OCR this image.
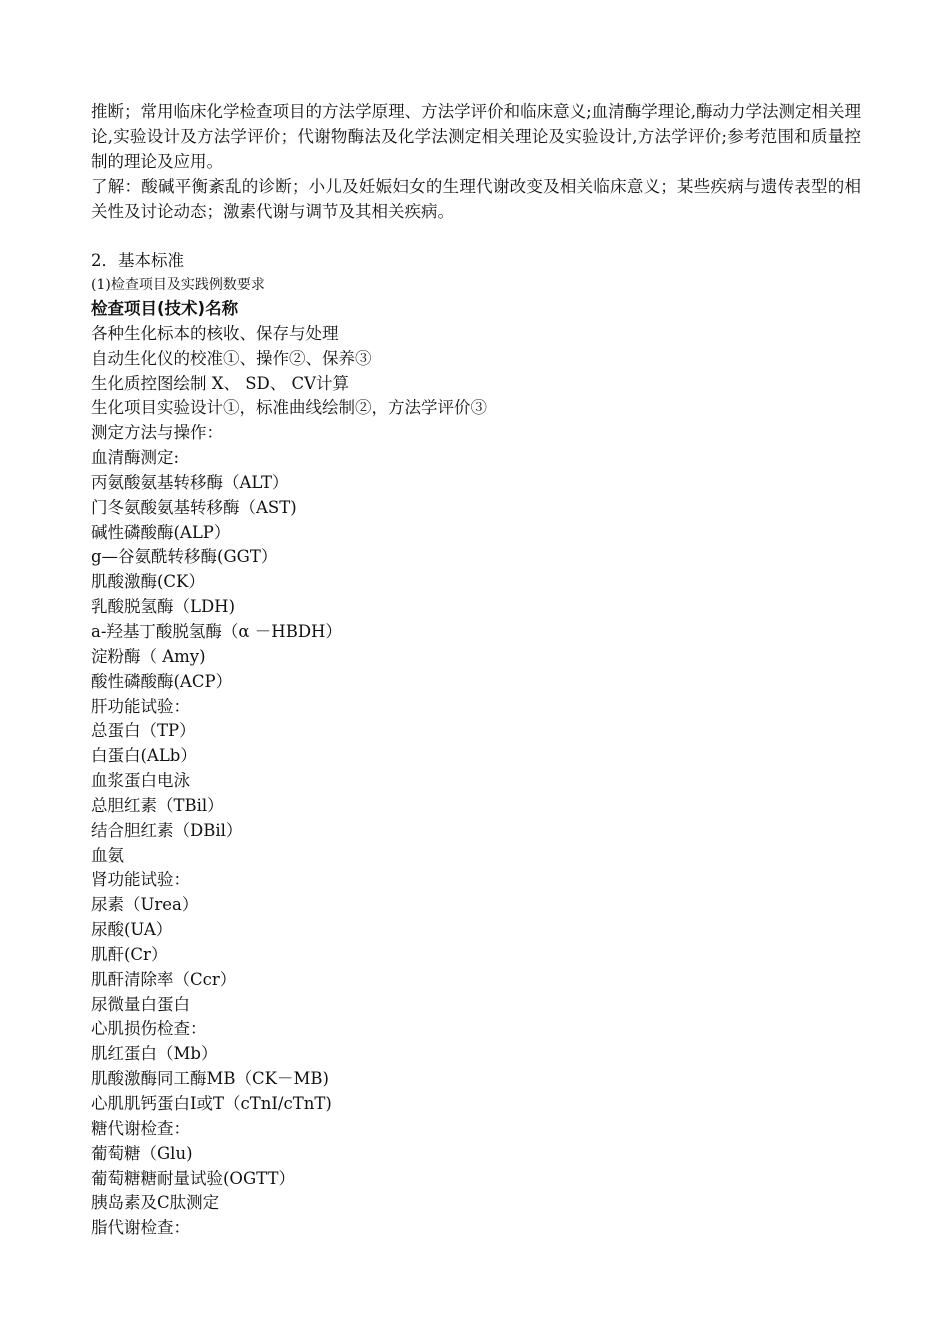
推断；常用临床化学检查项目的方法学原理、方法学评价和临床意义;血清酶学理论,酶动力学法测定相关理论,实验设计及方法学评价；代谢物酶法及化学法测定相关理论及实验设计,方法学评价;参考范围和质量控制的理论及应用。

了解：酸碱平衡紊乱的诊断；小儿及妊娠妇女的生理代谢改变及相关临床意义；某些疾病与遗传表型的相关性及讨论动态；激素代谢与调节及其相关疾病。

2．基本标准

(1)检查项目及实践例数要求

检查项目(技术)名称
各种生化标本的核收、保存与处理
自动生化仪的校准①、操作②、保养③
生化质控图绘制 X、 SD、 CV计算
生化项目实验设计①，标准曲线绘制②，方法学评价③
测定方法与操作：
血清酶测定:
丙氨酸氨基转移酶（ALT）
门冬氨酸氨基转移酶（AST)
碱性磷酸酶(ALP）
g—谷氨酰转移酶(GGT）
肌酸激酶(CK）
乳酸脱氢酶（LDH)
a-羟基丁酸脱氢酶（α －HBDH）
淀粉酶（ Amy)
酸性磷酸酶(ACP）
肝功能试验：
总蛋白（TP）
白蛋白(ALb）
血浆蛋白电泳
总胆红素（TBil）
结合胆红素（DBil）
血氨
肾功能试验：
尿素（Urea）
尿酸(UA）
肌酐(Cr）
肌酐清除率（Ccr）
尿微量白蛋白
心肌损伤检查：
肌红蛋白（Mb）
肌酸激酶同工酶MB（CK－MB)
心肌肌钙蛋白Ⅰ或Т（cTnI/cTnT)
糖代谢检查：
葡萄糖（Glu)
葡萄糖糖耐量试验(OGTT）
胰岛素及C肽测定
脂代谢检查：
